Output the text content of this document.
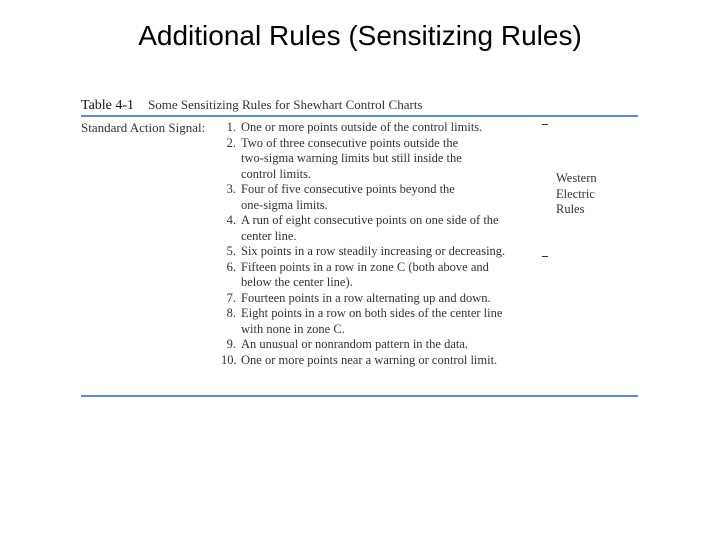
Additional Rules (Sensitizing Rules)
Table 4-1 Some Sensitizing Rules for Shewhart Control Charts
Standard Action Signal:	1. One or more points outside of the control limits.
2. Two of three consecutive points outside the
two-sigma warning limits but still inside the
control limits.
3. Four of five consecutive points beyond the
one-sigma limits.
4. A run of eight consecutive points on one side of the
center line.
5. Six points in a row steadily increasing or decreasing.
6. Fifteen points in a row in zone C (both above and
below the center line).
7. Fourteen points in a row alternating up and down.
8. Eight points in a row on both sides of the center line
with none in zone C.
9. An unusual or nonrandom pattern in the data.
10. One or more points near a warning or control limit.
Western
Electric
Rules
